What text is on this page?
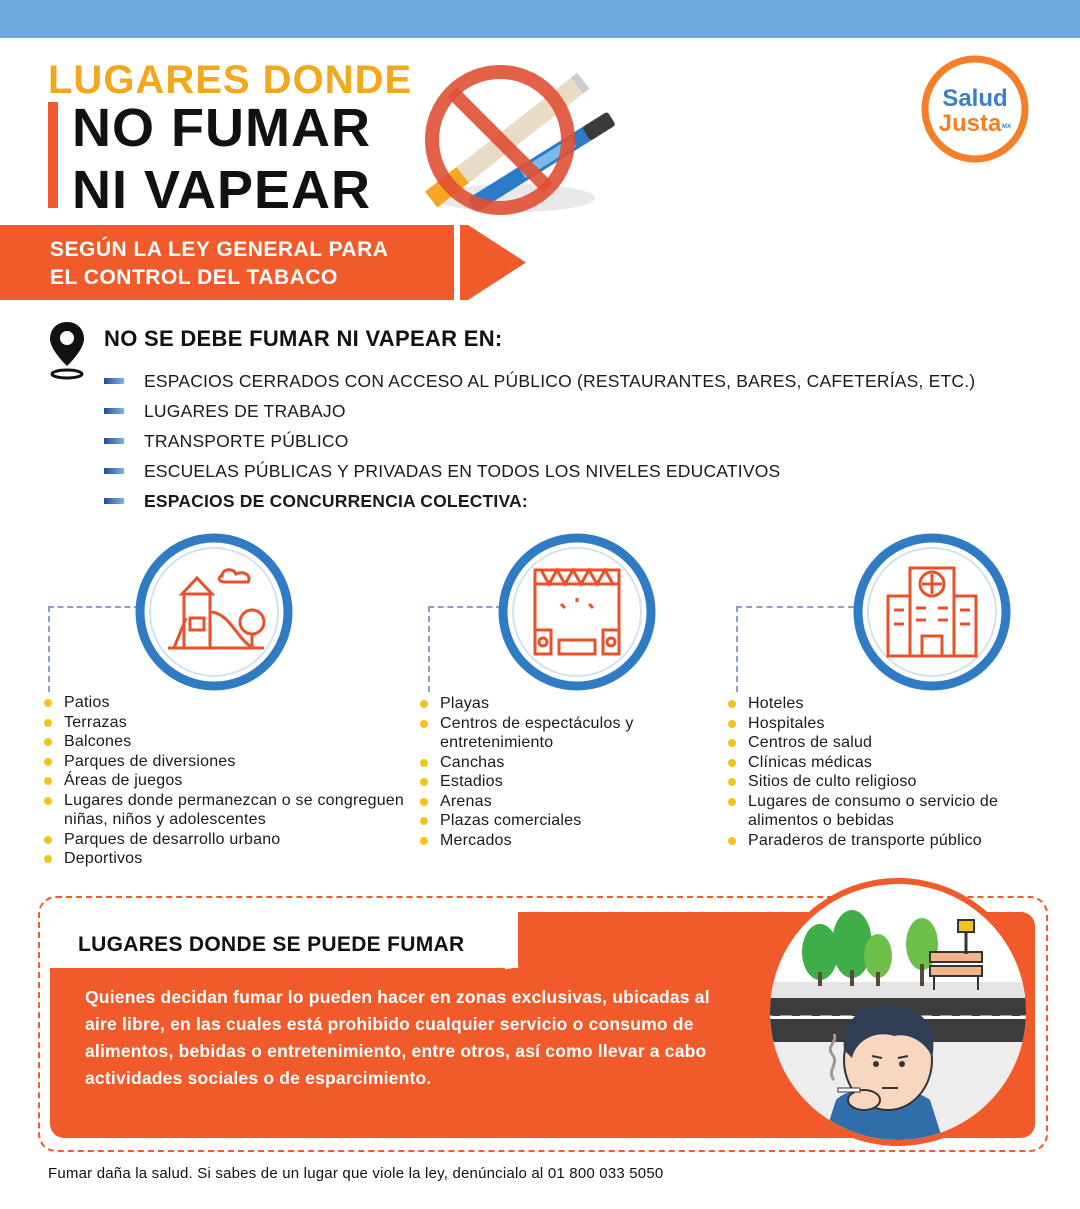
LUGARES DONDE
NO FUMAR
NI VAPEAR
Salud
Justa MX
SEGÚN LA LEY GENERAL PARA
EL CONTROL DEL TABACO
NO SE DEBE FUMAR NI VAPEAR EN:
ESPACIOS CERRADOS CON ACCESO AL PÚBLICO (RESTAURANTES, BARES, CAFETERÍAS, ETC.)
LUGARES DE TRABAJO
TRANSPORTE PÚBLICO
ESCUELAS PÚBLICAS Y PRIVADAS EN TODOS LOS NIVELES EDUCATIVOS
ESPACIOS DE CONCURRENCIA COLECTIVA:
Patios
Terrazas
Balcones
Parques de diversiones
Áreas de juegos
Lugares donde permanezcan o se congreguen niñas, niños y adolescentes
Parques de desarrollo urbano
Deportivos
Playas
Centros de espectáculos y entretenimiento
Canchas
Estadios
Arenas
Plazas comerciales
Mercados
Hoteles
Hospitales
Centros de salud
Clínicas médicas
Sitios de culto religioso
Lugares de consumo o servicio de alimentos o bebidas
Paraderos de transporte público
LUGARES DONDE SE PUEDE FUMAR
Quienes decidan fumar lo pueden hacer en zonas exclusivas, ubicadas al aire libre, en las cuales está prohibido cualquier servicio o consumo de alimentos, bebidas o entretenimiento, entre otros, así como llevar a cabo actividades sociales o de esparcimiento.
Fumar daña la salud. Si sabes de un lugar que viole la ley, denúncialo al 01 800 033 5050
